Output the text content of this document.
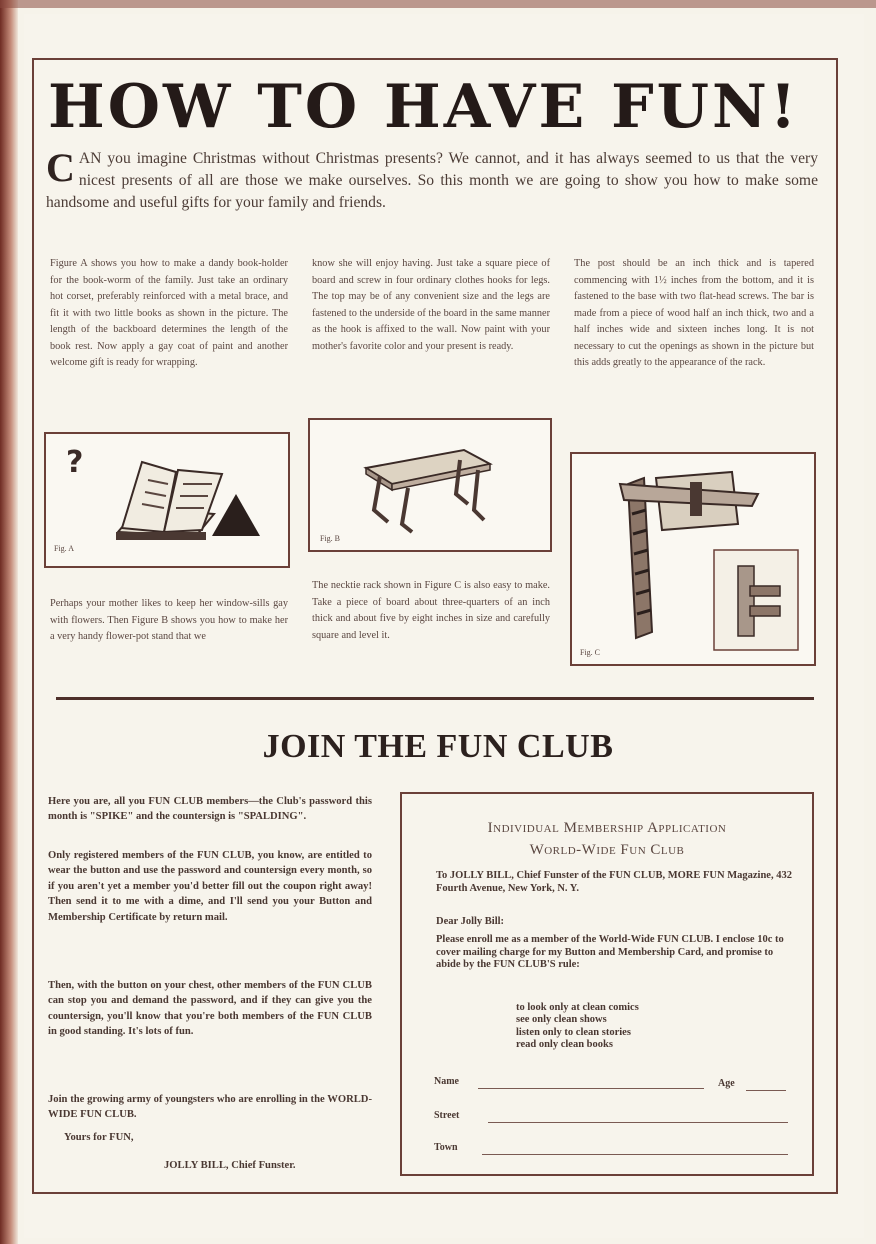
HOW TO HAVE FUN!
CAN you imagine Christmas without Christmas presents? We cannot, and it has always seemed to us that the very nicest presents of all are those we make ourselves. So this month we are going to show you how to make some handsome and useful gifts for your family and friends.
Figure A shows you how to make a dandy book-holder for the book-worm of the family. Just take an ordinary hot corset, preferably reinforced with a metal brace, and fit it with two little books as shown in the picture. The length of the backboard determines the length of the book rest. Now apply a gay coat of paint and another welcome gift is ready for wrapping.
know she will enjoy having. Just take a square piece of board and screw in four ordinary clothes hooks for legs. The top may be of any convenient size and the legs are fastened to the underside of the board in the same manner as the hook is affixed to the wall. Now paint with your mother's favorite color and your present is ready.
The post should be an inch thick and is tapered commencing with 1½ inches from the bottom, and it is fastened to the base with two flat-head screws. The bar is made from a piece of wood half an inch thick, two and a half inches wide and sixteen inches long. It is not necessary to cut the openings as shown in the picture but this adds greatly to the appearance of the rack.
?
Fig. A
Fig. B
Fig. C
Perhaps your mother likes to keep her window-sills gay with flowers. Then Figure B shows you how to make her a very handy flower-pot stand that we
The necktie rack shown in Figure C is also easy to make. Take a piece of board about three-quarters of an inch thick and about five by eight inches in size and carefully square and level it.
JOIN THE FUN CLUB
Here you are, all you FUN CLUB members—the Club's password this month is "SPIKE" and the countersign is "SPALDING".
Only registered members of the FUN CLUB, you know, are entitled to wear the button and use the password and countersign every month, so if you aren't yet a member you'd better fill out the coupon right away! Then send it to me with a dime, and I'll send you your Button and Membership Certificate by return mail.
Then, with the button on your chest, other members of the FUN CLUB can stop you and demand the password, and if they can give you the countersign, you'll know that you're both members of the FUN CLUB in good standing. It's lots of fun.
Join the growing army of youngsters who are enrolling in the WORLD-WIDE FUN CLUB.
Yours for FUN,
JOLLY BILL, Chief Funster.
Individual Membership Application
World-Wide Fun Club
To JOLLY BILL, Chief Funster of the FUN CLUB, MORE FUN Magazine, 432 Fourth Avenue, New York, N. Y.
Dear Jolly Bill:
Please enroll me as a member of the World-Wide FUN CLUB. I enclose 10c to cover mailing charge for my Button and Membership Card, and promise to abide by the FUN CLUB'S rule:
to look only at clean comics
see only clean shows
listen only to clean stories
read only clean books
Name	Age
Street
Town
